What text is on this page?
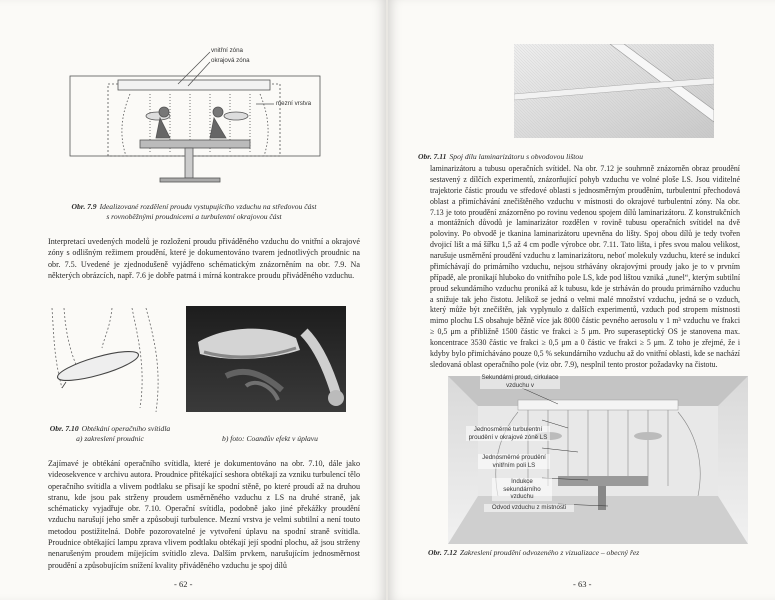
vnitřní zóna
okrajová zóna
mezní vrstva
Obr. 7.9 Idealizované rozdělení proudu vystupujícího vzduchu na středovou část
s rovnoběžnými proudnicemi a turbulentní okrajovou část
Interpretací uvedených modelů je rozložení proudu přiváděného vzduchu do vnitřní a okrajové zóny s odlišným režimem proudění, které je dokumentováno tvarem jednotlivých proudnic na obr. 7.5. Uvedené je zjednodušeně vyjádřeno schématickým znázorněním na obr. 7.9. Na některých obrázcích, např. 7.6 je dobře patrná i mírná kontrakce proudu přiváděného vzduchu.
Obr. 7.10 Obtékání operačního svítidla
a) zakreslení proudnic	b) foto: Coandův efekt v úplavu
Zajímavé je obtékání operačního svítidla, které je dokumentováno na obr. 7.10, dále jako videosekvence v archivu autora. Proudnice přitékající seshora obtékají za vzniku turbulencí tělo operačního svítidla a vlivem podtlaku se přisají ke spodní stěně, po které proudí až na druhou stranu, kde jsou pak strženy proudem usměrněného vzduchu z LS na druhé straně, jak schématicky vyjadřuje obr. 7.10. Operační svítidla, podobně jako jiné překážky proudění vzduchu narušují jeho směr a způsobují turbulence. Mezní vrstva je velmi subtilní a není touto metodou postižitelná. Dobře pozorovatelné je vytvoření úplavu na spodní straně svítidla. Proudnice obtékající lampu zprava vlivem podtlaku obtékají její spodní plochu, až jsou strženy nenarušeným proudem míjejícím svítidlo zleva. Dalším prvkem, narušujícím jednosměrnost proudění a způsobujícím snížení kvality přiváděného vzduchu je spoj dílů
- 62 -
Obr. 7.11 Spoj dílu laminarizátoru s obvodovou lištou
laminarizátoru a tubusu operačních svítidel. Na obr. 7.12 je souhrnně znázorněn obraz proudění sestavený z dílčích experimentů, znázorňující pohyb vzduchu ve volné ploše LS. Jsou viditelné trajektorie částic proudu ve středové oblasti s jednosměrným prouděním, turbulentní přechodová oblast a přimíchávání znečištěného vzduchu v místnosti do okrajové turbulentní zóny. Na obr. 7.13 je toto proudění znázorněno po rovinu vedenou spojem dílů laminarizátoru. Z konstrukčních a montážních důvodů je laminarizátor rozdělen v rovině tubusu operačních svítidel na dvě poloviny. Po obvodě je tkanina laminarizátoru upevněna do lišty. Spoj obou dílů je tedy tvořen dvojicí lišt a má šířku 1,5 až 4 cm podle výrobce obr. 7.11. Tato lišta, i přes svou malou velikost, narušuje usměrnění proudění vzduchu z laminarizátoru, neboť molekuly vzduchu, které se indukcí přimíchávají do primárního vzduchu, nejsou strhávány okrajovými proudy jako je to v prvním případě, ale pronikají hluboko do vnitřního pole LS, kde pod lištou vzniká „tunel“, kterým subtilní proud sekundárního vzduchu proniká až k tubusu, kde je strháván do proudu primárního vzduchu a snižuje tak jeho čistotu. Jelikož se jedná o velmi malé množství vzduchu, jedná se o vzduch, který může být znečištěn, jak vyplynulo z dalších experimentů, vzduch pod stropem místnosti mimo plochu LS obsahuje běžně více jak 8000 částic pevného aerosolu v 1 m³ vzduchu ve frakci ≥ 0,5 μm a přibližně 1500 částic ve frakci ≥ 5 μm. Pro superaseptický OS je stanovena max. koncentrace 3530 částic ve frakci ≥ 0,5 μm a 0 částic ve frakci ≥ 5 μm. Z toho je zřejmé, že i kdyby bylo přimícháváno pouze 0,5 % sekundárního vzduchu až do vnitřní oblasti, kde se nachází sledovaná oblast operačního pole (viz obr. 7.9), nesplnil tento prostor požadavky na čistotu.
Sekundární proud, cirkulace vzduchu v
Jednosměrné turbulentní proudění v okrajové zóně LS
Jednosměrné proudění vnitřním poli LS
Indukce sekundárního vzduchu
Odvod vzduchu z místnosti
Obr. 7.12 Zakreslení proudění odvozeného z vizualizace – obecný řez
- 63 -
